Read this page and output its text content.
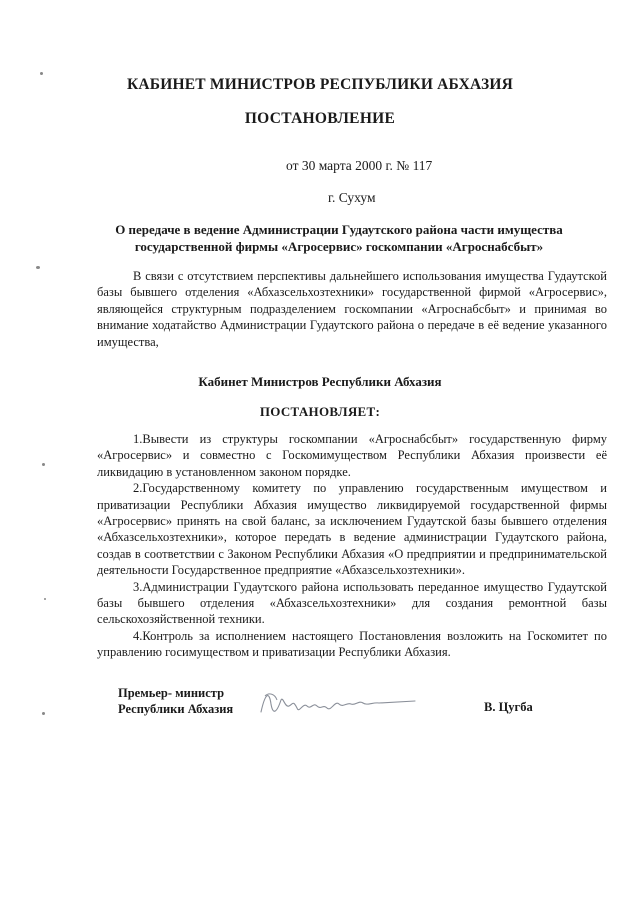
КАБИНЕТ МИНИСТРОВ РЕСПУБЛИКИ АБХАЗИЯ
ПОСТАНОВЛЕНИЕ
от 30 марта 2000 г. № 117
г. Сухум
О передаче в ведение Администрации Гудаутского района части имущества государственной фирмы «Агросервис» госкомпании «Агроснабсбыт»

В связи с отсутствием перспективы дальнейшего использования имущества Гудаутской базы бывшего отделения «Абхазсельхозтехники» государственной фирмой «Агросервис», являющейся структурным подразделением госкомпании «Агроснабсбыт» и принимая во внимание ходатайство Администрации Гудаутского района о передаче в её ведение указанного имущества,

Кабинет Министров Республики Абхазия
ПОСТАНОВЛЯЕТ:

1.Вывести из структуры госкомпании «Агроснабсбыт» государственную фирму «Агросервис» и совместно с Госкомимуществом Республики Абхазия произвести её ликвидацию в установленном законом порядке.

2.Государственному комитету по управлению государственным имуществом и приватизации Республики Абхазия имущество ликвидируемой государственной фирмы «Агросервис» принять на свой баланс, за исключением Гудаутской базы бывшего отделения «Абхазсельхозтехники», которое передать в ведение администрации Гудаутского района, создав в соответствии с Законом Республики Абхазия «О предприятии и предпринимательской деятельности Государственное предприятие «Абхазсельхозтехники».

3.Администрации Гудаутского района использовать переданное имущество Гудаутской базы бывшего отделения «Абхазсельхозтехники» для создания ремонтной базы сельскохозяйственной техники.

4.Контроль за исполнением настоящего Постановления возложить на Госкомитет по управлению госимуществом и приватизации Республики Абхазия.

Премьер- министр
Республики Абхазия	В. Цугба
